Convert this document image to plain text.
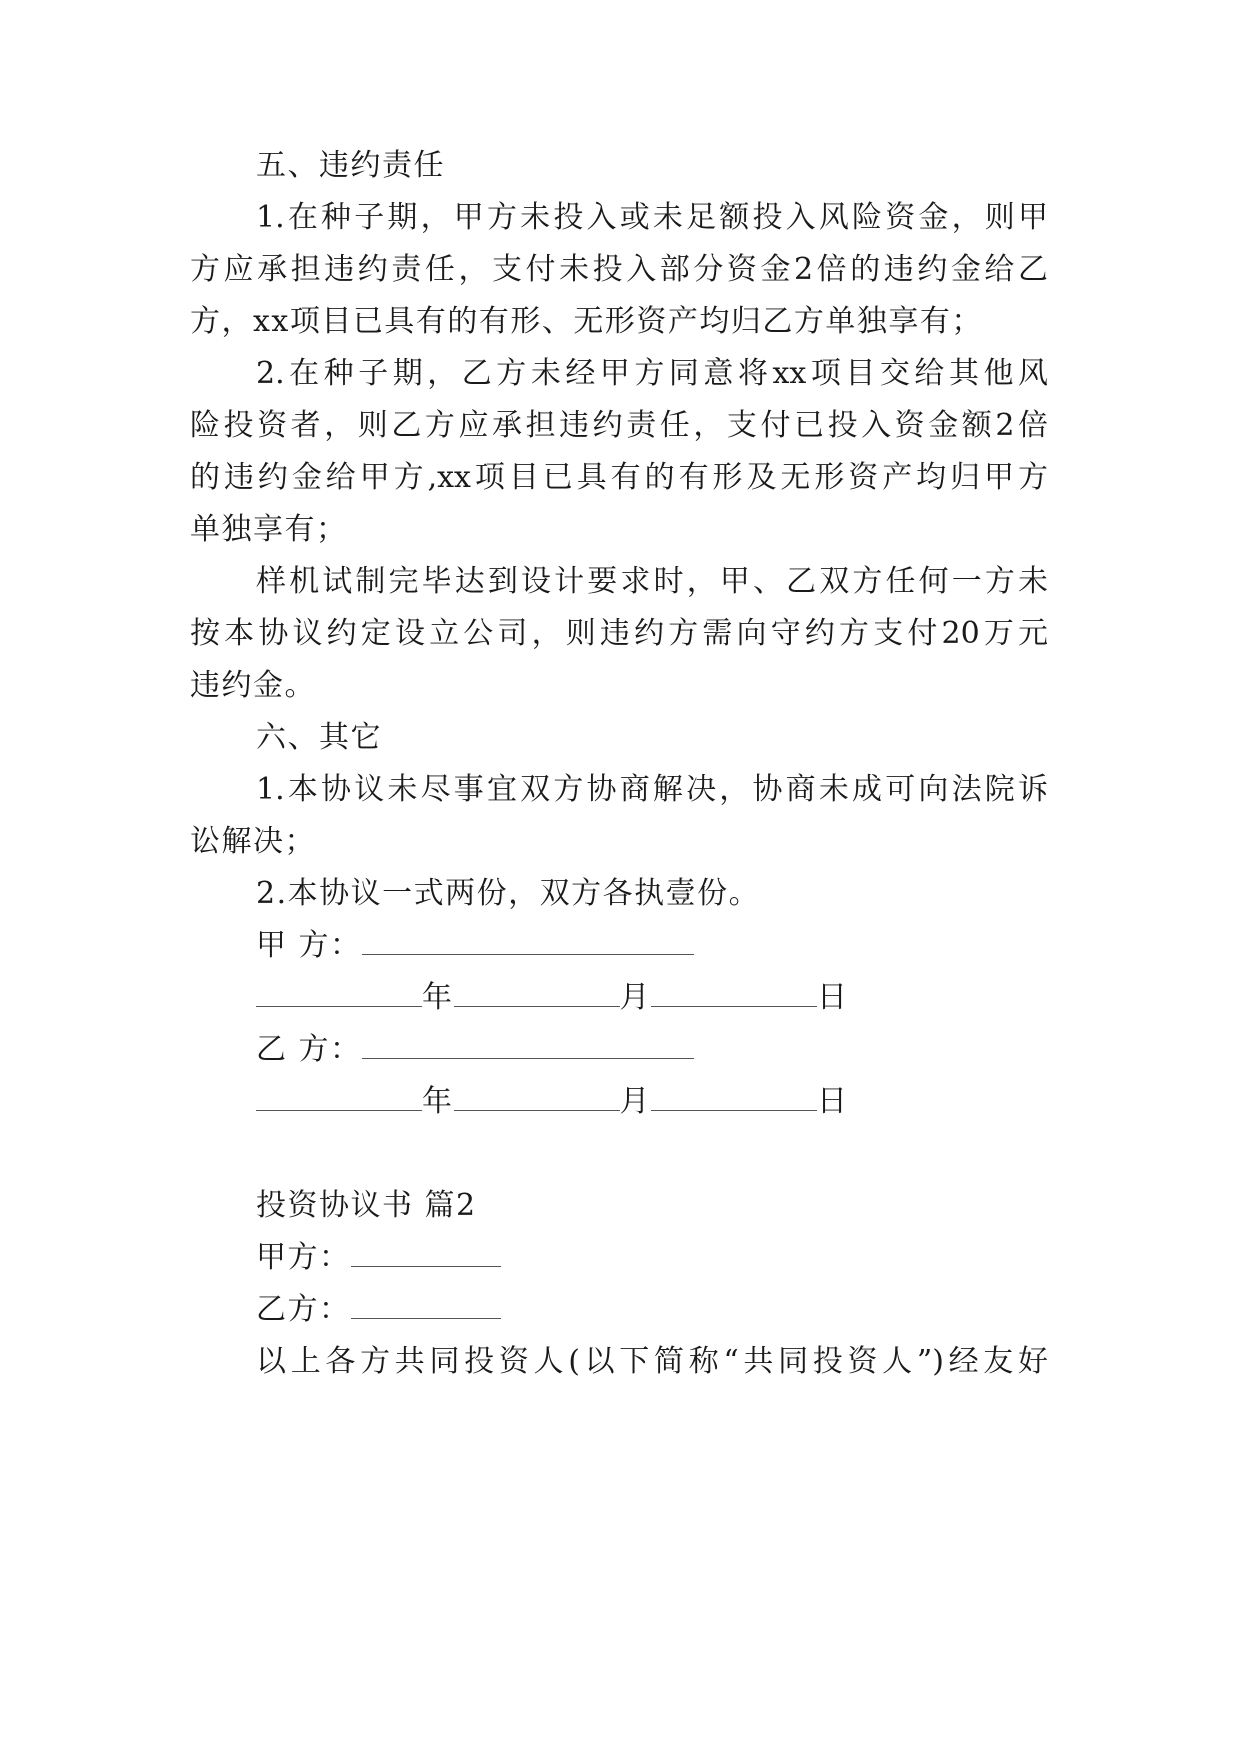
五、违约责任
1.在种子期，甲方未投入或未足额投入风险资金，则甲
方应承担违约责任，支付未投入部分资金2倍的违约金给乙
方，xx项目已具有的有形、无形资产均归乙方单独享有；
2.在种子期，乙方未经甲方同意将xx项目交给其他风
险投资者，则乙方应承担违约责任，支付已投入资金额2倍
的违约金给甲方,xx项目已具有的有形及无形资产均归甲方
单独享有；
样机试制完毕达到设计要求时，甲、乙双方任何一方未
按本协议约定设立公司，则违约方需向守约方支付20万元
违约金。
六、其它
1.本协议未尽事宜双方协商解决，协商未成可向法院诉
讼解决；
2.本协议一式两份，双方各执壹份。
甲 方：
年	月	日
乙 方：
年	月	日
投资协议书 篇2
甲方：
乙方：
以上各方共同投资人(以下简称“共同投资人”)经友好
